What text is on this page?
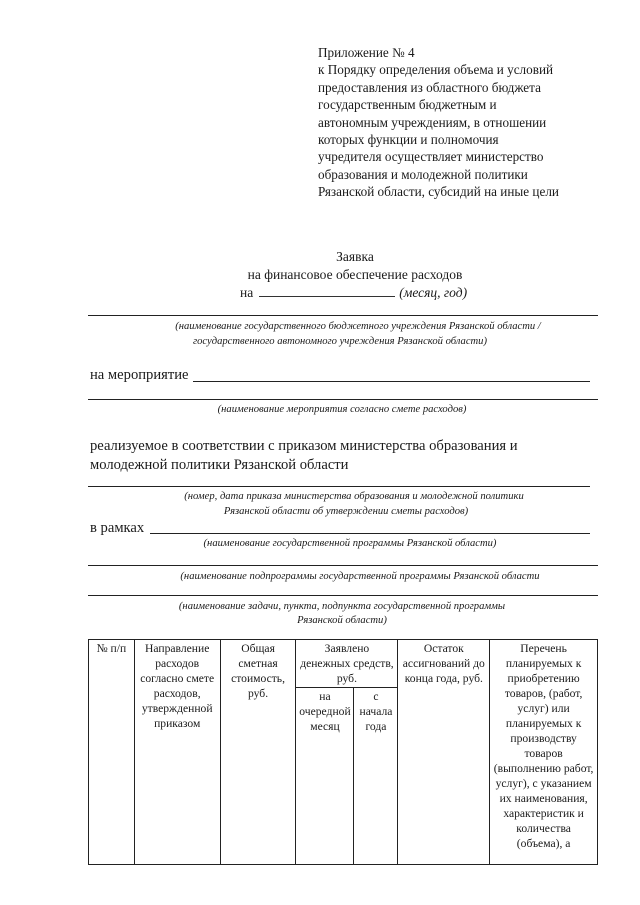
Приложение № 4
к Порядку определения объема и условий
предоставления из областного бюджета
государственным бюджетным и
автономным учреждениям, в отношении
которых функции и полномочия
учредителя осуществляет министерство
образования и молодежной политики
Рязанской области, субсидий на иные цели
Заявка
на финансовое обеспечение расходов
на	(месяц, год)
(наименование государственного бюджетного учреждения Рязанской области /
государственного автономного учреждения Рязанской области)
на мероприятие
(наименование мероприятия согласно смете расходов)
реализуемое в соответствии с приказом министерства образования и
молодежной политики Рязанской области
(номер, дата приказа министерства образования и молодежной политики
Рязанской области об утверждении сметы расходов)
в рамках
(наименование государственной программы Рязанской области)
(наименование подпрограммы государственной программы Рязанской области
(наименование задачи, пункта, подпункта государственной программы
Рязанской области)
№ п/п	Направление расходов согласно смете расходов, утвержденной приказом	Общая сметная стоимость, руб.	Заявлено денежных средств, руб.		Остаток ассигнований до конца года, руб.	Перечень планируемых к приобретению товаров, (работ, услуг) или планируемых к производству товаров (выполнению работ, услуг), с указанием их наименования, характеристик и количества (объема), а
			на очередной месяц	с начала года		
